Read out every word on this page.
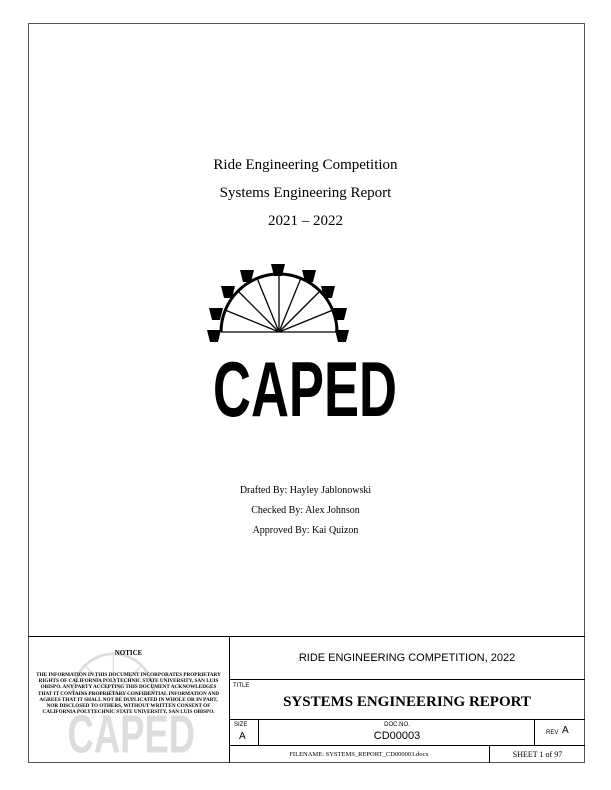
Ride Engineering Competition
Systems Engineering Report
2021 – 2022
CAPED
Drafted By: Hayley Jablonowski
Checked By: Alex Johnson
Approved By: Kai Quizon
CAPED
NOTICE
THE INFORMATION IN THIS DOCUMENT INCORPORATES PROPRIETARY RIGHTS OF CALIFORNIA POLYTECHNIC STATE UNIVERSITY, SAN LUIS OBISPO. ANY PARTY ACCEPTING THIS DOCUMENT ACKNOWLEDGES THAT IT CONTAINS PROPRIETARY CONFIDENTIAL INFORMATION AND AGREES THAT IT SHALL NOT BE DUPLICATED IN WHOLE OR IN PART, NOR DISCLOSED TO OTHERS, WITHOUT WRITTEN CONSENT OF CALIFORNIA POLYTECHNIC STATE UNIVERSITY, SAN LUIS OBISPO.
RIDE ENGINEERING COMPETITION, 2022
TITLE
SYSTEMS ENGINEERING REPORT
SIZE
A
DOC.NO.
CD00003	REV A
FILENAME: SYSTEMS_REPORT_CD000003.docx	SHEET 1 of 97
